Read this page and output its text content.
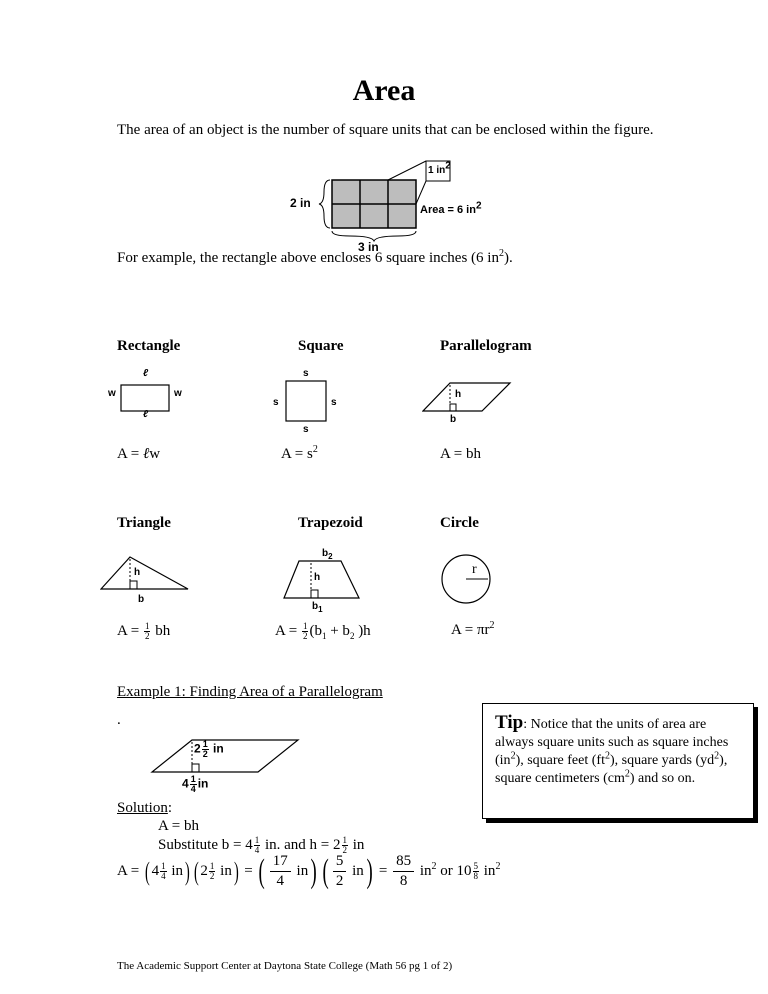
Area
The area of an object is the number of square units that can be enclosed within the figure.
1 in2
2 in
3 in
Area = 6 in2
For example, the rectangle above encloses 6 square inches (6 $in^2$).
Rectangle	Square	Parallelogram
ℓ
ℓ
w	w
s
s
s	s
h
b
A = ℓw	$A = s^2$	A = bh
Triangle	Trapezoid	Circle
h
b
$b_2$
h
$b_1$
r
$A = \frac{1}{2}$ bh	$A = \frac{1}{2} (b_1 + b_2$ )h	$A = \pi r^2$
Example 1: Finding Area of a Parallelogram
.
$2 \frac{1}{2}$ in
$4 \frac{1}{4}$ in
Tip: Notice that the units of area are always square units such as square inches $(in^2)$, square feet $(ft^2)$, square yards $(yd^2)$, square centimeters $(cm^2)$ and so on.
Solution:
A = bh
Substitute $b = 4 \frac{1}{4}$ in. and $h = 2 \frac{1}{2}$ in
A = ( $4 \frac{1}{4} in$) ( $2 \frac{1}{2} in$) = ( $\frac{17}{4} in$) ( $\frac{5}{2} in) = \frac{85}{8} in^2$ or $10 \frac{5}{8} in^2$
The Academic Support Center at Daytona State College (Math 56 pg 1 of 2)
